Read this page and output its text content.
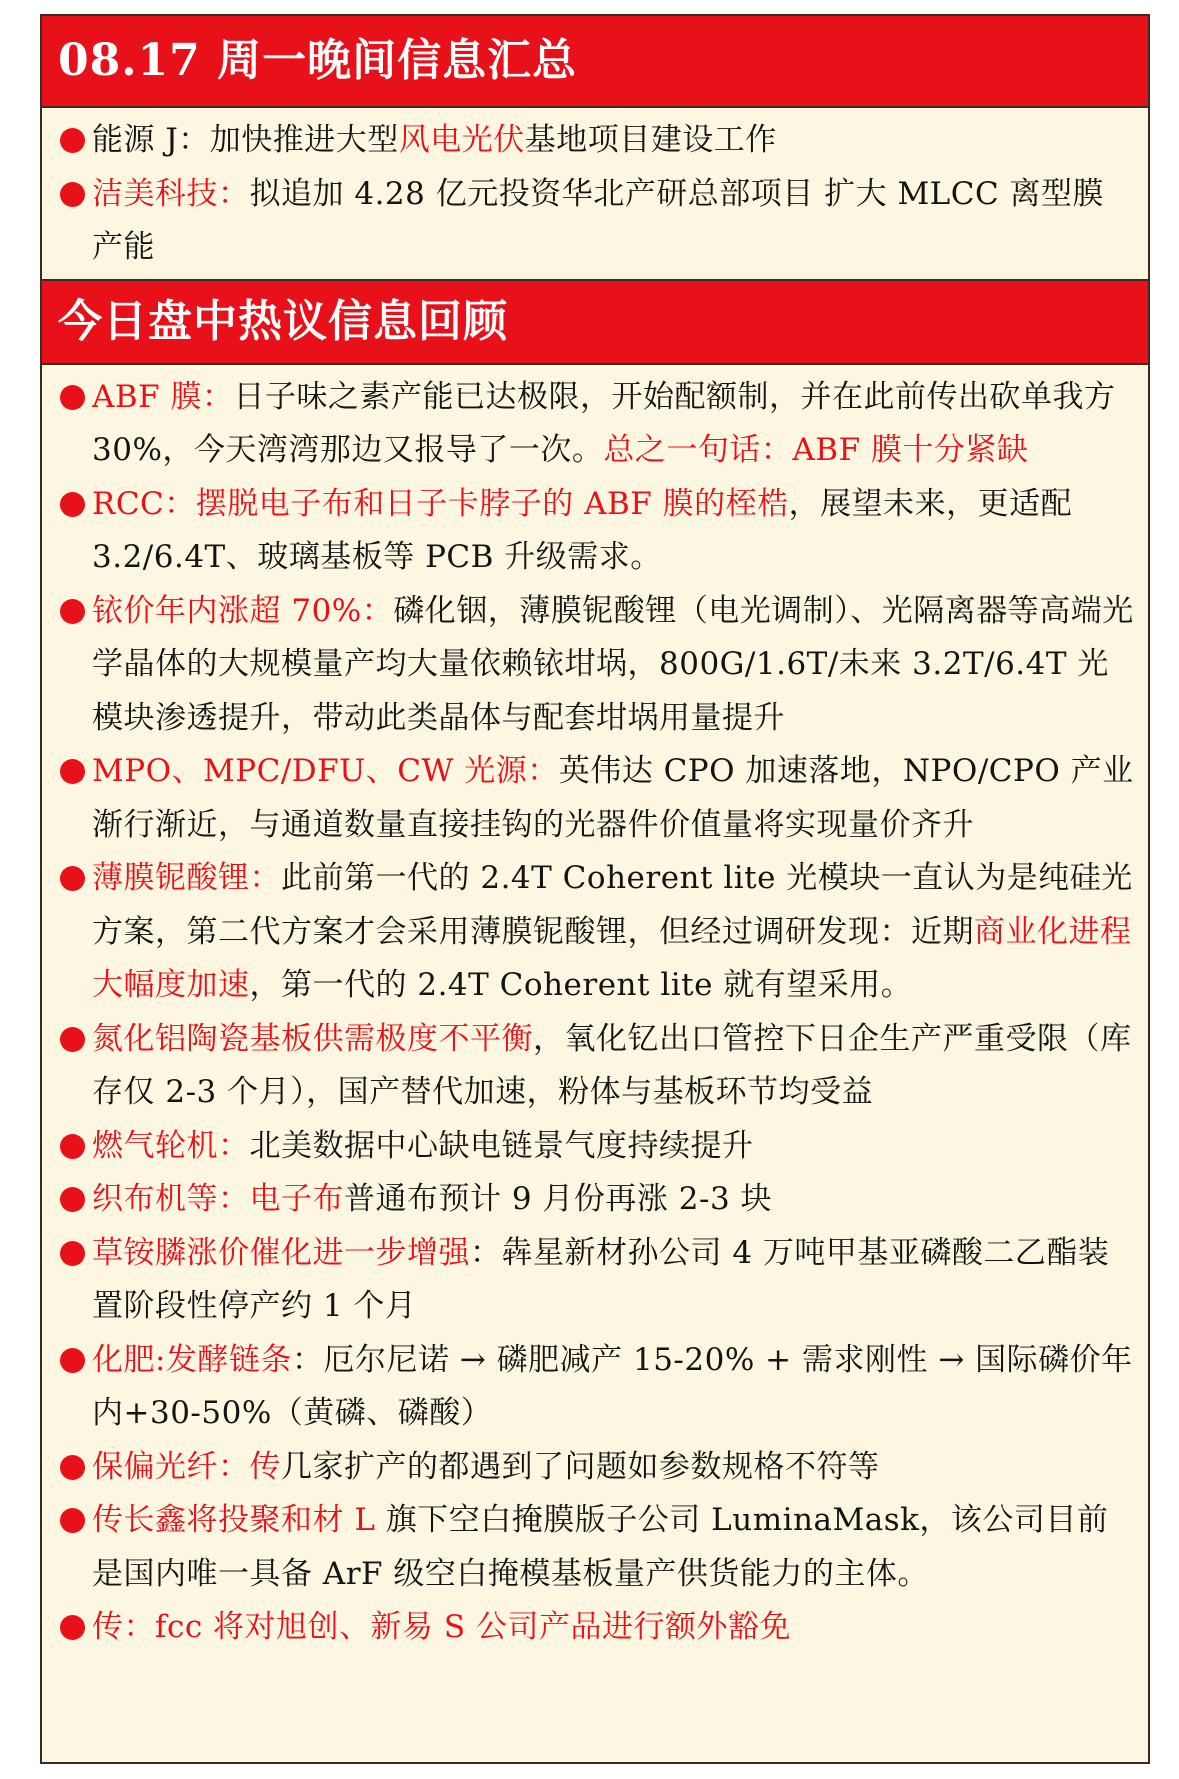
08.17 周一晚间信息汇总
能源 J：加快推进大型风电光伏基地项目建设工作
洁美科技：拟追加 4.28 亿元投资华北产研总部项目 扩大 MLCC 离型膜产能
今日盘中热议信息回顾
ABF 膜：日子味之素产能已达极限，开始配额制，并在此前传出砍单我方 30%，今天湾湾那边又报导了一次。总之一句话：ABF 膜十分紧缺
RCC：摆脱电子布和日子卡脖子的 ABF 膜的桎梏，展望未来，更适配 3.2/6.4T、玻璃基板等 PCB 升级需求。
铱价年内涨超 70%：磷化铟，薄膜铌酸锂（电光调制）、光隔离器等高端光学晶体的大规模量产均大量依赖铱坩埚，800G/1.6T/未来 3.2T/6.4T 光模块渗透提升，带动此类晶体与配套坩埚用量提升
MPO、MPC/DFU、CW 光源：英伟达 CPO 加速落地，NPO/CPO 产业渐行渐近，与通道数量直接挂钩的光器件价值量将实现量价齐升
薄膜铌酸锂：此前第一代的 2.4T Coherent lite 光模块一直认为是纯硅光方案，第二代方案才会采用薄膜铌酸锂，但经过调研发现：近期商业化进程大幅度加速，第一代的 2.4T Coherent lite 就有望采用。
氮化铝陶瓷基板供需极度不平衡，氧化钇出口管控下日企生产严重受限（库存仅 2-3 个月），国产替代加速，粉体与基板环节均受益
燃气轮机：北美数据中心缺电链景气度持续提升
织布机等：电子布普通布预计 9 月份再涨 2-3 块
草铵膦涨价催化进一步增强：犇星新材孙公司 4 万吨甲基亚磷酸二乙酯装置阶段性停产约 1 个月
化肥:发酵链条：厄尔尼诺 → 磷肥减产 15-20% + 需求刚性 → 国际磷价年内+30-50%（黄磷、磷酸）
保偏光纤：传几家扩产的都遇到了问题如参数规格不符等
传长鑫将投聚和材 L 旗下空白掩膜版子公司 LuminaMask，该公司目前是国内唯一具备 ArF 级空白掩模基板量产供货能力的主体。
传：fcc 将对旭创、新易 S 公司产品进行额外豁免
